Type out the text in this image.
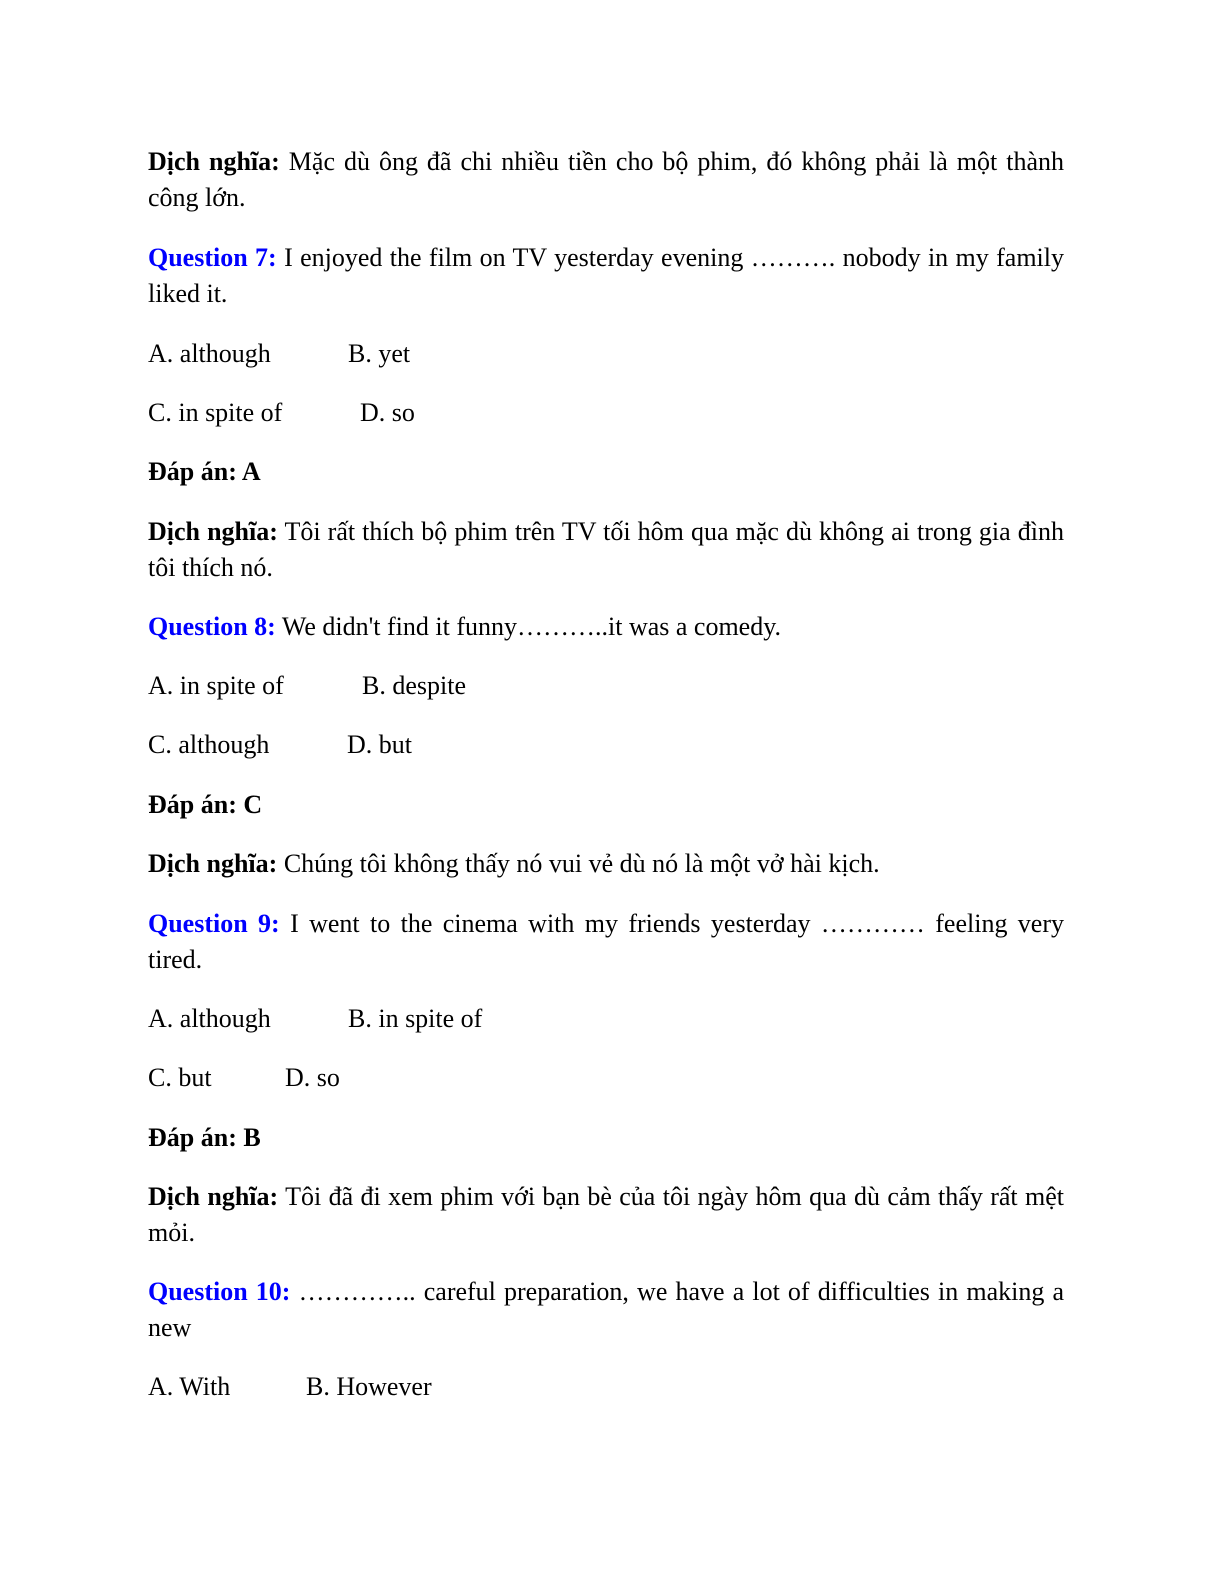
Dịch nghĩa: Mặc dù ông đã chi nhiều tiền cho bộ phim, đó không phải là một thành công lớn.

Question 7: I enjoyed the film on TV yesterday evening ………. nobody in my family liked it.

A. although	B. yet

C. in spite of	D. so

Đáp án: A

Dịch nghĩa: Tôi rất thích bộ phim trên TV tối hôm qua mặc dù không ai trong gia đình tôi thích nó.

Question 8: We didn't find it funny………..it was a comedy.

A. in spite of	B. despite

C. although	D. but

Đáp án: C

Dịch nghĩa: Chúng tôi không thấy nó vui vẻ dù nó là một vở hài kịch.

Question 9: I went to the cinema with my friends yesterday ………… feeling very tired.

A. although	B. in spite of

C. but	D. so

Đáp án: B

Dịch nghĩa: Tôi đã đi xem phim với bạn bè của tôi ngày hôm qua dù cảm thấy rất mệt mỏi.

Question 10: ………….. careful preparation, we have a lot of difficulties in making a new

A. With	B. However
